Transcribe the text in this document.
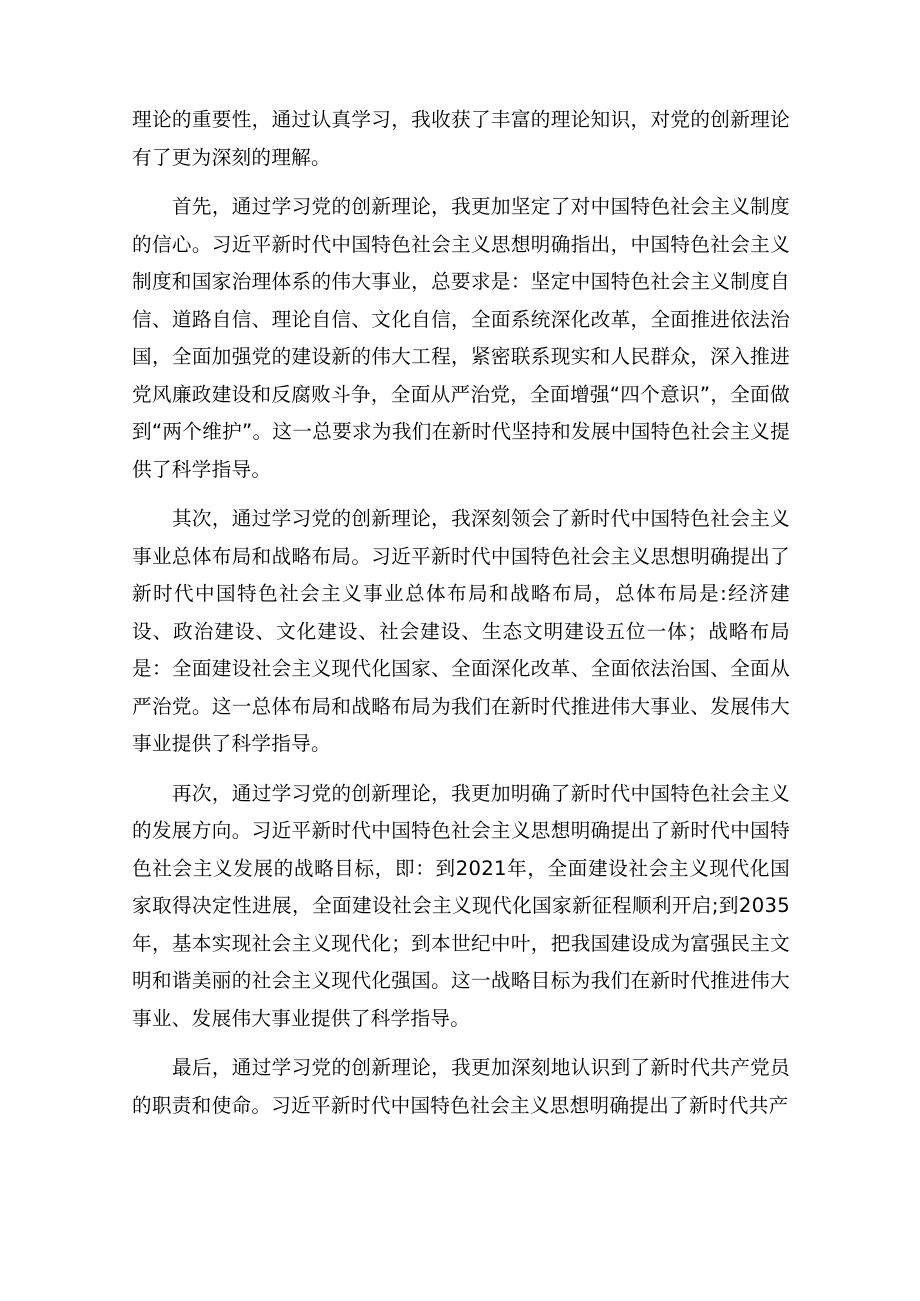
理论的重要性，通过认真学习，我收获了丰富的理论知识，对党的创新理论有了更为深刻的理解。

首先，通过学习党的创新理论，我更加坚定了对中国特色社会主义制度的信心。习近平新时代中国特色社会主义思想明确指出，中国特色社会主义制度和国家治理体系的伟大事业，总要求是：坚定中国特色社会主义制度自信、道路自信、理论自信、文化自信，全面系统深化改革，全面推进依法治国，全面加强党的建设新的伟大工程，紧密联系现实和人民群众，深入推进党风廉政建设和反腐败斗争，全面从严治党，全面增强“四个意识”，全面做到“两个维护”。这一总要求为我们在新时代坚持和发展中国特色社会主义提供了科学指导。

其次，通过学习党的创新理论，我深刻领会了新时代中国特色社会主义事业总体布局和战略布局。习近平新时代中国特色社会主义思想明确提出了新时代中国特色社会主义事业总体布局和战略布局，总体布局是:经济建设、政治建设、文化建设、社会建设、生态文明建设五位一体；战略布局是：全面建设社会主义现代化国家、全面深化改革、全面依法治国、全面从严治党。这一总体布局和战略布局为我们在新时代推进伟大事业、发展伟大事业提供了科学指导。

再次，通过学习党的创新理论，我更加明确了新时代中国特色社会主义的发展方向。习近平新时代中国特色社会主义思想明确提出了新时代中国特色社会主义发展的战略目标，即：到2021年，全面建设社会主义现代化国家取得决定性进展，全面建设社会主义现代化国家新征程顺利开启;到2035年，基本实现社会主义现代化；到本世纪中叶，把我国建设成为富强民主文明和谐美丽的社会主义现代化强国。这一战略目标为我们在新时代推进伟大事业、发展伟大事业提供了科学指导。

最后，通过学习党的创新理论，我更加深刻地认识到了新时代共产党员的职责和使命。习近平新时代中国特色社会主义思想明确提出了新时代共产
